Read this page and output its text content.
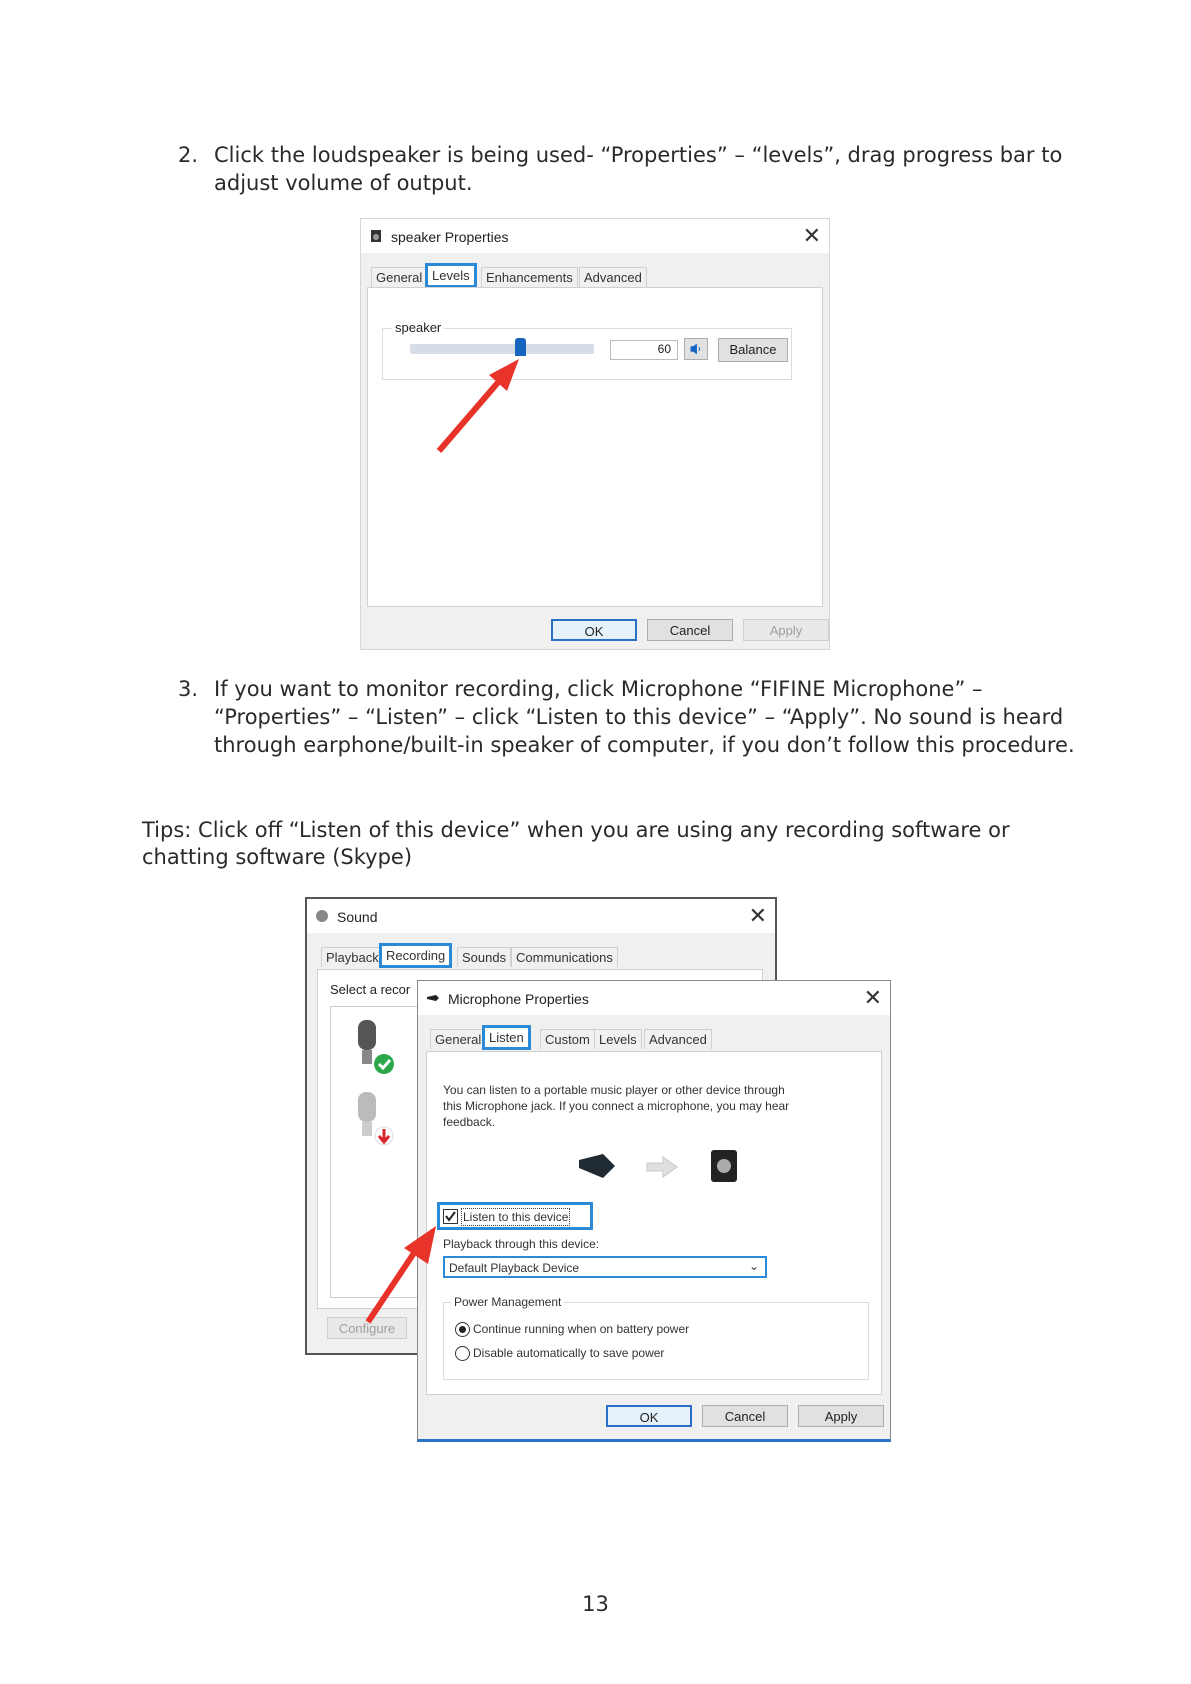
2. Click the loudspeaker is being used- “Properties” – “levels”, drag progress bar to
adjust volume of output.
speaker Properties	✕
General Levels	Enhancements Advanced
speaker
60	Balance
OK	Cancel	Apply
3. If you want to monitor recording, click Microphone “FIFINE Microphone” –
“Properties” – “Listen” – click “Listen to this device” – “Apply”. No sound is heard
through earphone/built-in speaker of computer, if you don’t follow this procedure.
Tips: Click off “Listen of this device” when you are using any recording software or
chatting software (Skype)
Sound	✕
Playback Recording	Sounds Communications
Select a recor
Configure
Microphone Properties	✕
General Listen	Custom Levels Advanced
You can listen to a portable music player or other device through
this Microphone jack. If you connect a microphone, you may hear
feedback.
Listen to this device
Playback through this device:
Default Playback Device	⌄
Power Management
Continue running when on battery power
Disable automatically to save power
OK	Cancel	Apply
13
